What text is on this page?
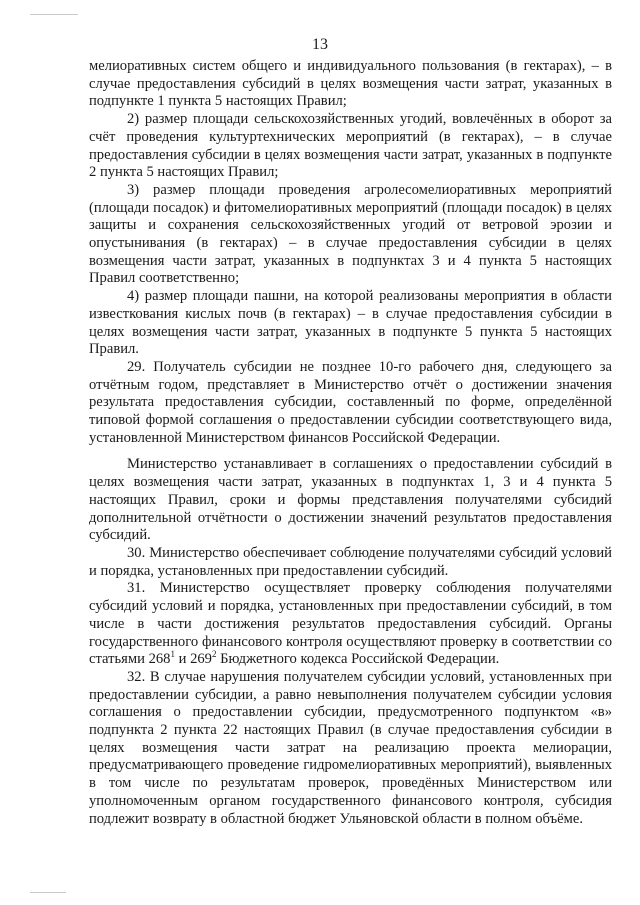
13

мелиоративных систем общего и индивидуального пользования (в гектарах), – в случае предоставления субсидий в целях возмещения части затрат, указанных в подпункте 1 пункта 5 настоящих Правил;

2) размер площади сельскохозяйственных угодий, вовлечённых в оборот за счёт проведения культуртехнических мероприятий (в гектарах), – в случае предоставления субсидии в целях возмещения части затрат, указанных в подпункте 2 пункта 5 настоящих Правил;

3) размер площади проведения агролесомелиоративных мероприятий (площади посадок) и фитомелиоративных мероприятий (площади посадок) в целях защиты и сохранения сельскохозяйственных угодий от ветровой эрозии и опустынивания (в гектарах) – в случае предоставления субсидии в целях возмещения части затрат, указанных в подпунктах 3 и 4 пункта 5 настоящих Правил соответственно;

4) размер площади пашни, на которой реализованы мероприятия в области известкования кислых почв (в гектарах) – в случае предоставления субсидии в целях возмещения части затрат, указанных в подпункте 5 пункта 5 настоящих Правил.

29. Получатель субсидии не позднее 10-го рабочего дня, следующего за отчётным годом, представляет в Министерство отчёт о достижении значения результата предоставления субсидии, составленный по форме, определённой типовой формой соглашения о предоставлении субсидии соответствующего вида, установленной Министерством финансов Российской Федерации.

Министерство устанавливает в соглашениях о предоставлении субсидий в целях возмещения части затрат, указанных в подпунктах 1, 3 и 4 пункта 5 настоящих Правил, сроки и формы представления получателями субсидий дополнительной отчётности о достижении значений результатов предоставления субсидий.

30. Министерство обеспечивает соблюдение получателями субсидий условий и порядка, установленных при предоставлении субсидий.

31. Министерство осуществляет проверку соблюдения получателями субсидий условий и порядка, установленных при предоставлении субсидий, в том числе в части достижения результатов предоставления субсидий. Органы государственного финансового контроля осуществляют проверку в соответствии со статьями $268^1$ и $269^2$ Бюджетного кодекса Российской Федерации.

32. В случае нарушения получателем субсидии условий, установленных при предоставлении субсидии, а равно невыполнения получателем субсидии условия соглашения о предоставлении субсидии, предусмотренного подпунктом «в» подпункта 2 пункта 22 настоящих Правил (в случае предоставления субсидии в целях возмещения части затрат на реализацию проекта мелиорации, предусматривающего проведение гидромелиоративных мероприятий), выявленных в том числе по результатам проверок, проведённых Министерством или уполномоченным органом государственного финансового контроля, субсидия подлежит возврату в областной бюджет Ульяновской области в полном объёме.
